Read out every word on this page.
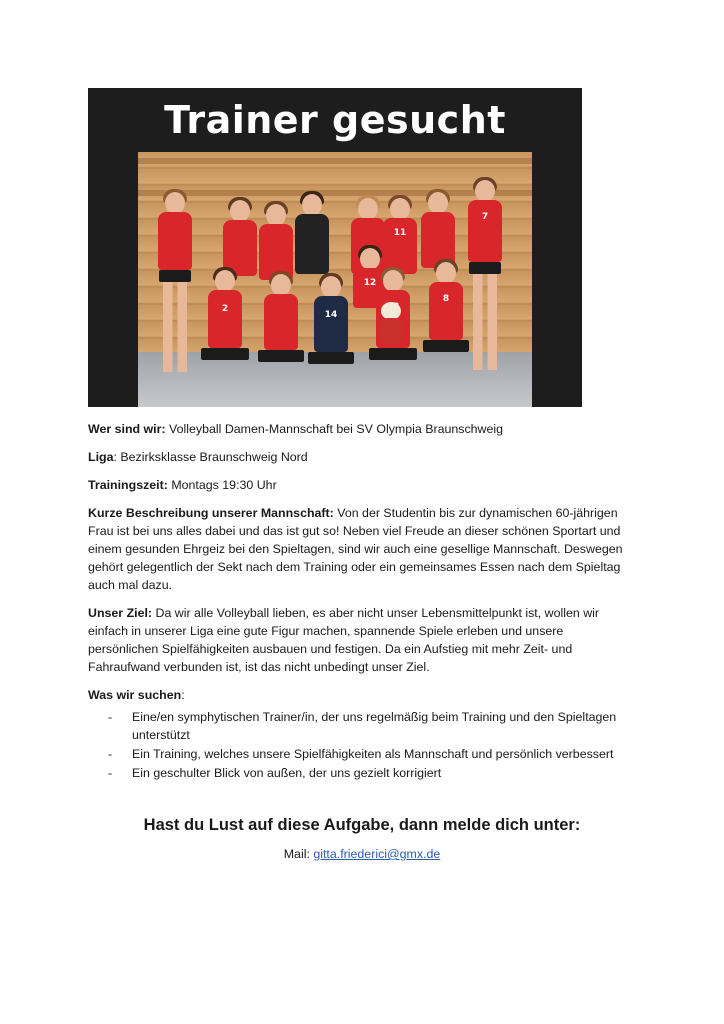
Trainer gesucht
11
7
2
14
12
8

Wer sind wir: Volleyball Damen-Mannschaft bei SV Olympia Braunschweig

Liga: Bezirksklasse Braunschweig Nord

Trainingszeit: Montags 19:30 Uhr

Kurze Beschreibung unserer Mannschaft: Von der Studentin bis zur dynamischen 60-jährigen Frau ist bei uns alles dabei und das ist gut so! Neben viel Freude an dieser schönen Sportart und einem gesunden Ehrgeiz bei den Spieltagen, sind wir auch eine gesellige Mannschaft. Deswegen gehört gelegentlich der Sekt nach dem Training oder ein gemeinsames Essen nach dem Spieltag auch mal dazu.

Unser Ziel: Da wir alle Volleyball lieben, es aber nicht unser Lebensmittelpunkt ist, wollen wir einfach in unserer Liga eine gute Figur machen, spannende Spiele erleben und unsere persönlichen Spielfähigkeiten ausbauen und festigen. Da ein Aufstieg mit mehr Zeit- und Fahraufwand verbunden ist, ist das nicht unbedingt unser Ziel.

Was wir suchen:

- Eine/en symphytischen Trainer/in, der uns regelmäßig beim Training und den Spieltagen unterstützt
- Ein Training, welches unsere Spielfähigkeiten als Mannschaft und persönlich verbessert
- Ein geschulter Blick von außen, der uns gezielt korrigiert
Hast du Lust auf diese Aufgabe, dann melde dich unter:
Mail: gitta.friederici@gmx.de
